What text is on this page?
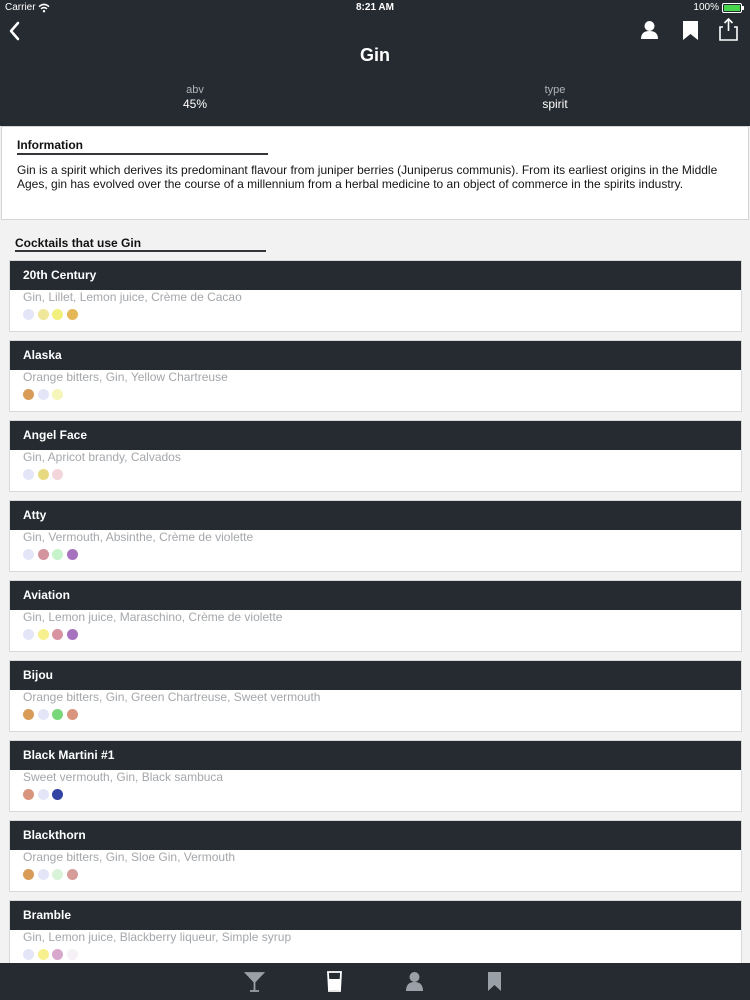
Carrier	8:21 AM	100%
Gin
abv
45%
type
spirit
Information
Gin is a spirit which derives its predominant flavour from juniper berries (Juniperus communis). From its earliest origins in the Middle Ages, gin has evolved over the course of a millennium from a herbal medicine to an object of commerce in the spirits industry.
Cocktails that use Gin
20th Century
Gin, Lillet, Lemon juice, Crème de Cacao
Alaska
Orange bitters, Gin, Yellow Chartreuse
Angel Face
Gin, Apricot brandy, Calvados
Atty
Gin, Vermouth, Absinthe, Crème de violette
Aviation
Gin, Lemon juice, Maraschino, Crème de violette
Bijou
Orange bitters, Gin, Green Chartreuse, Sweet vermouth
Black Martini #1
Sweet vermouth, Gin, Black sambuca
Blackthorn
Orange bitters, Gin, Sloe Gin, Vermouth
Bramble
Gin, Lemon juice, Blackberry liqueur, Simple syrup
